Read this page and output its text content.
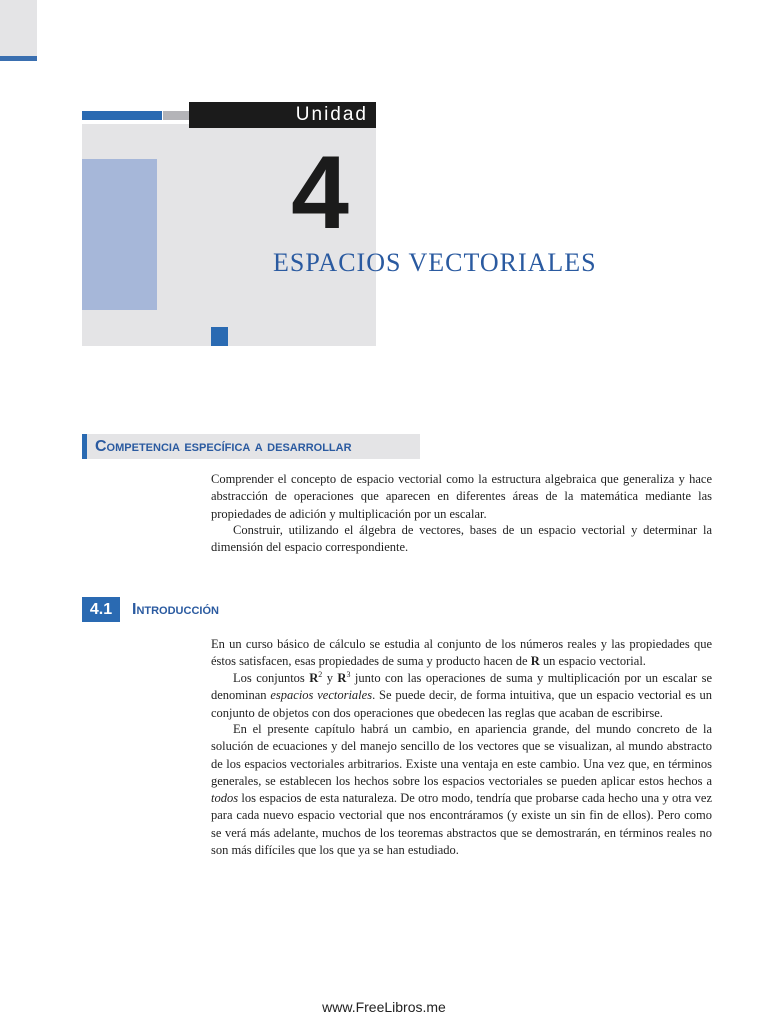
Unidad
4
ESPACIOS VECTORIALES
Competencia específica a desarrollar

Comprender el concepto de espacio vectorial como la estructura algebraica que generaliza y hace abstracción de operaciones que aparecen en diferentes áreas de la matemática mediante las propiedades de adición y multiplicación por un escalar.

Construir, utilizando el álgebra de vectores, bases de un espacio vectorial y determinar la dimensión del espacio correspondiente.

4.1	Introducción

En un curso básico de cálculo se estudia al conjunto de los números reales y las propiedades que éstos satisfacen, esas propiedades de suma y producto hacen de R un espacio vectorial.

Los conjuntos $R^2$ y $R^3$ junto con las operaciones de suma y multiplicación por un escalar se denominan espacios vectoriales. Se puede decir, de forma intuitiva, que un espacio vectorial es un conjunto de objetos con dos operaciones que obedecen las reglas que acaban de escribirse.

En el presente capítulo habrá un cambio, en apariencia grande, del mundo concreto de la solución de ecuaciones y del manejo sencillo de los vectores que se visualizan, al mundo abstracto de los espacios vectoriales arbitrarios. Existe una ventaja en este cambio. Una vez que, en términos generales, se establecen los hechos sobre los espacios vectoriales se pueden aplicar estos hechos a todos los espacios de esta naturaleza. De otro modo, tendría que probarse cada hecho una y otra vez para cada nuevo espacio vectorial que nos encontráramos (y existe un sin fin de ellos). Pero como se verá más adelante, muchos de los teoremas abstractos que se demostrarán, en términos reales no son más difíciles que los que ya se han estudiado.

www.FreeLibros.me
